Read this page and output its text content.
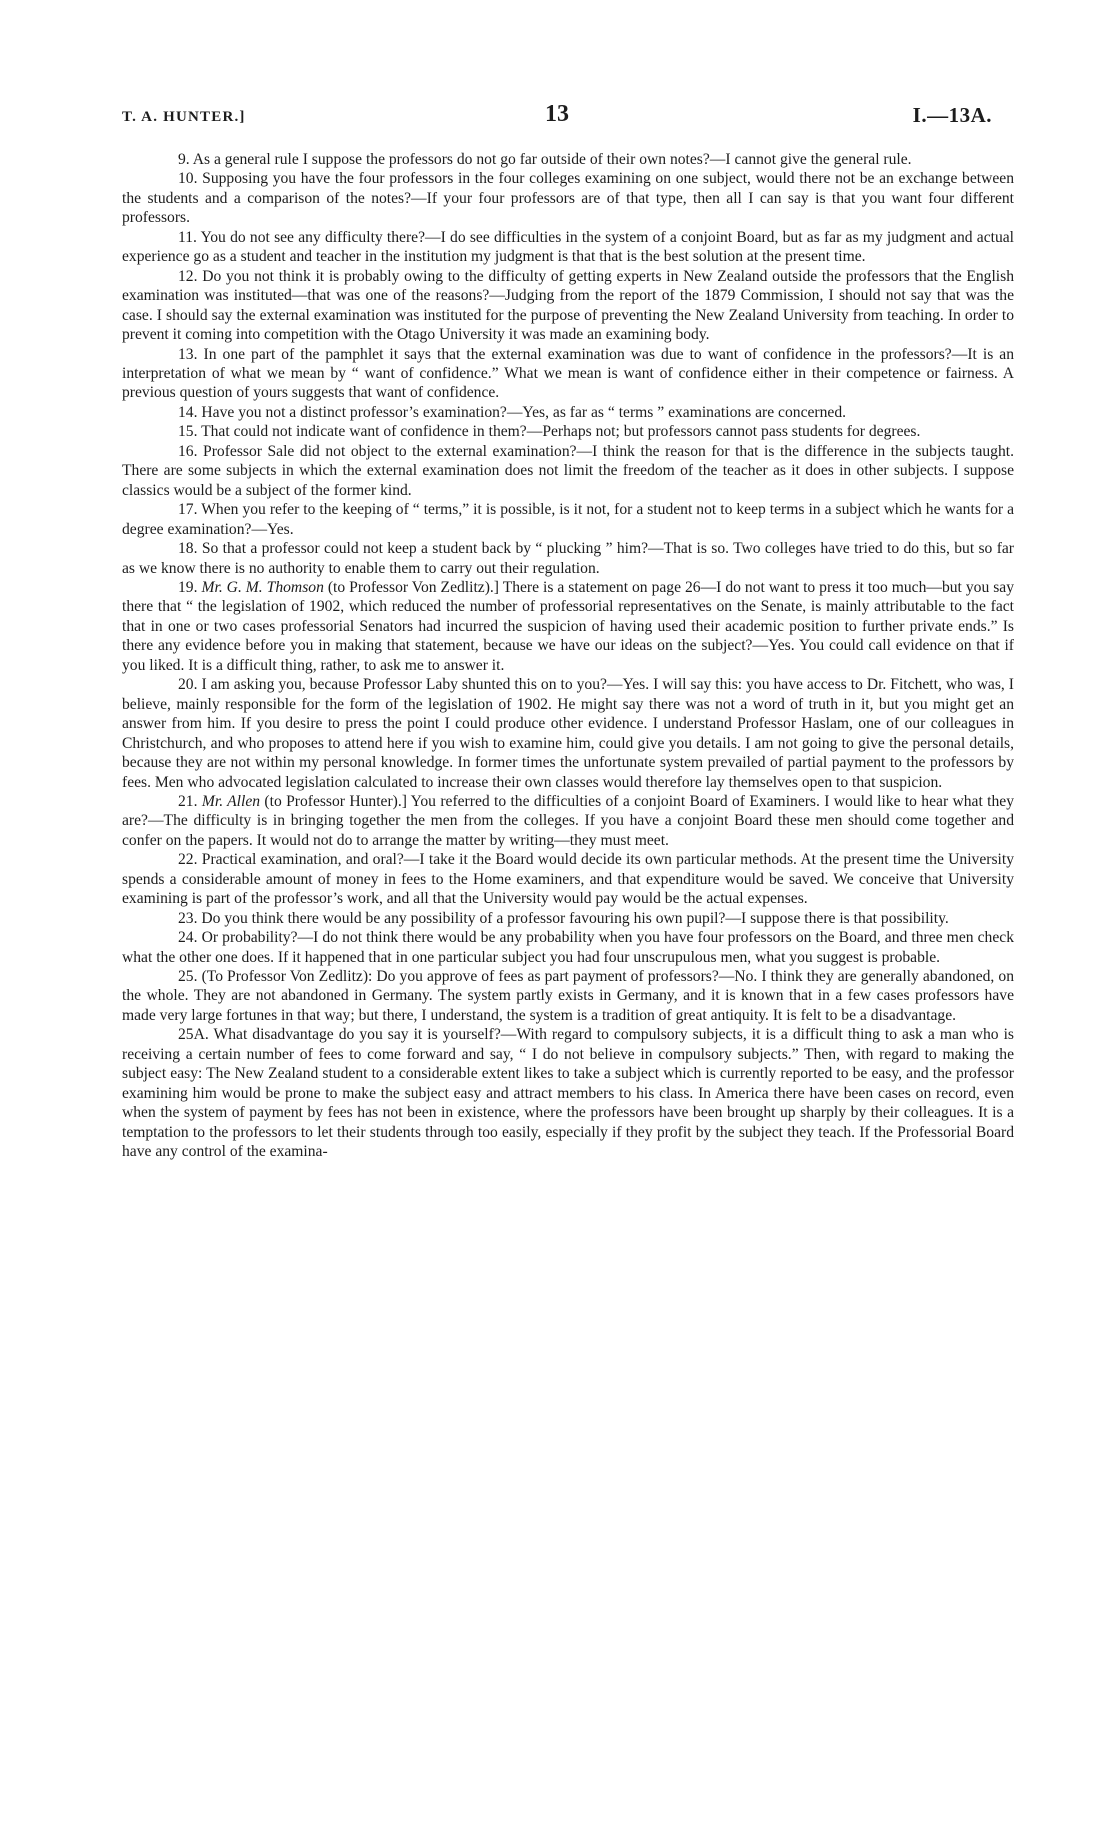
T. A. HUNTER.]	13	I.—13A.

9. As a general rule I suppose the professors do not go far outside of their own notes?—I cannot give the general rule.

10. Supposing you have the four professors in the four colleges examining on one subject, would there not be an exchange between the students and a comparison of the notes?—If your four professors are of that type, then all I can say is that you want four different professors.

11. You do not see any difficulty there?—I do see difficulties in the system of a conjoint Board, but as far as my judgment and actual experience go as a student and teacher in the institution my judgment is that that is the best solution at the present time.

12. Do you not think it is probably owing to the difficulty of getting experts in New Zealand outside the professors that the English examination was instituted—that was one of the reasons?—Judging from the report of the 1879 Commission, I should not say that was the case. I should say the external examination was instituted for the purpose of preventing the New Zealand University from teaching. In order to prevent it coming into competition with the Otago University it was made an examining body.

13. In one part of the pamphlet it says that the external examination was due to want of confidence in the professors?—It is an interpretation of what we mean by “ want of confidence.” What we mean is want of confidence either in their competence or fairness. A previous question of yours suggests that want of confidence.

14. Have you not a distinct professor’s examination?—Yes, as far as “ terms ” examinations are concerned.

15. That could not indicate want of confidence in them?—Perhaps not; but professors cannot pass students for degrees.

16. Professor Sale did not object to the external examination?—I think the reason for that is the difference in the subjects taught. There are some subjects in which the external examination does not limit the freedom of the teacher as it does in other subjects. I suppose classics would be a subject of the former kind.

17. When you refer to the keeping of “ terms,” it is possible, is it not, for a student not to keep terms in a subject which he wants for a degree examination?—Yes.

18. So that a professor could not keep a student back by “ plucking ” him?—That is so. Two colleges have tried to do this, but so far as we know there is no authority to enable them to carry out their regulation.

19. Mr. G. M. Thomson (to Professor Von Zedlitz).] There is a statement on page 26—I do not want to press it too much—but you say there that “ the legislation of 1902, which reduced the number of professorial representatives on the Senate, is mainly attributable to the fact that in one or two cases professorial Senators had incurred the suspicion of having used their academic position to further private ends.” Is there any evidence before you in making that statement, because we have our ideas on the subject?—Yes. You could call evidence on that if you liked. It is a difficult thing, rather, to ask me to answer it.

20. I am asking you, because Professor Laby shunted this on to you?—Yes. I will say this: you have access to Dr. Fitchett, who was, I believe, mainly responsible for the form of the legislation of 1902. He might say there was not a word of truth in it, but you might get an answer from him. If you desire to press the point I could produce other evidence. I understand Professor Haslam, one of our colleagues in Christchurch, and who proposes to attend here if you wish to examine him, could give you details. I am not going to give the personal details, because they are not within my personal knowledge. In former times the unfortunate system prevailed of partial payment to the professors by fees. Men who advocated legislation calculated to increase their own classes would therefore lay themselves open to that suspicion.

21. Mr. Allen (to Professor Hunter).] You referred to the difficulties of a conjoint Board of Examiners. I would like to hear what they are?—The difficulty is in bringing together the men from the colleges. If you have a conjoint Board these men should come together and confer on the papers. It would not do to arrange the matter by writing—they must meet.

22. Practical examination, and oral?—I take it the Board would decide its own particular methods. At the present time the University spends a considerable amount of money in fees to the Home examiners, and that expenditure would be saved. We conceive that University examining is part of the professor’s work, and all that the University would pay would be the actual expenses.

23. Do you think there would be any possibility of a professor favouring his own pupil?—I suppose there is that possibility.

24. Or probability?—I do not think there would be any probability when you have four professors on the Board, and three men check what the other one does. If it happened that in one particular subject you had four unscrupulous men, what you suggest is probable.

25. (To Professor Von Zedlitz): Do you approve of fees as part payment of professors?—No. I think they are generally abandoned, on the whole. They are not abandoned in Germany. The system partly exists in Germany, and it is known that in a few cases professors have made very large fortunes in that way; but there, I understand, the system is a tradition of great antiquity. It is felt to be a disadvantage.

25A. What disadvantage do you say it is yourself?—With regard to compulsory subjects, it is a difficult thing to ask a man who is receiving a certain number of fees to come forward and say, “ I do not believe in compulsory subjects.” Then, with regard to making the subject easy: The New Zealand student to a considerable extent likes to take a subject which is currently reported to be easy, and the professor examining him would be prone to make the subject easy and attract members to his class. In America there have been cases on record, even when the system of payment by fees has not been in existence, where the professors have been brought up sharply by their colleagues. It is a temptation to the professors to let their students through too easily, especially if they profit by the subject they teach. If the Professorial Board have any control of the examina-
